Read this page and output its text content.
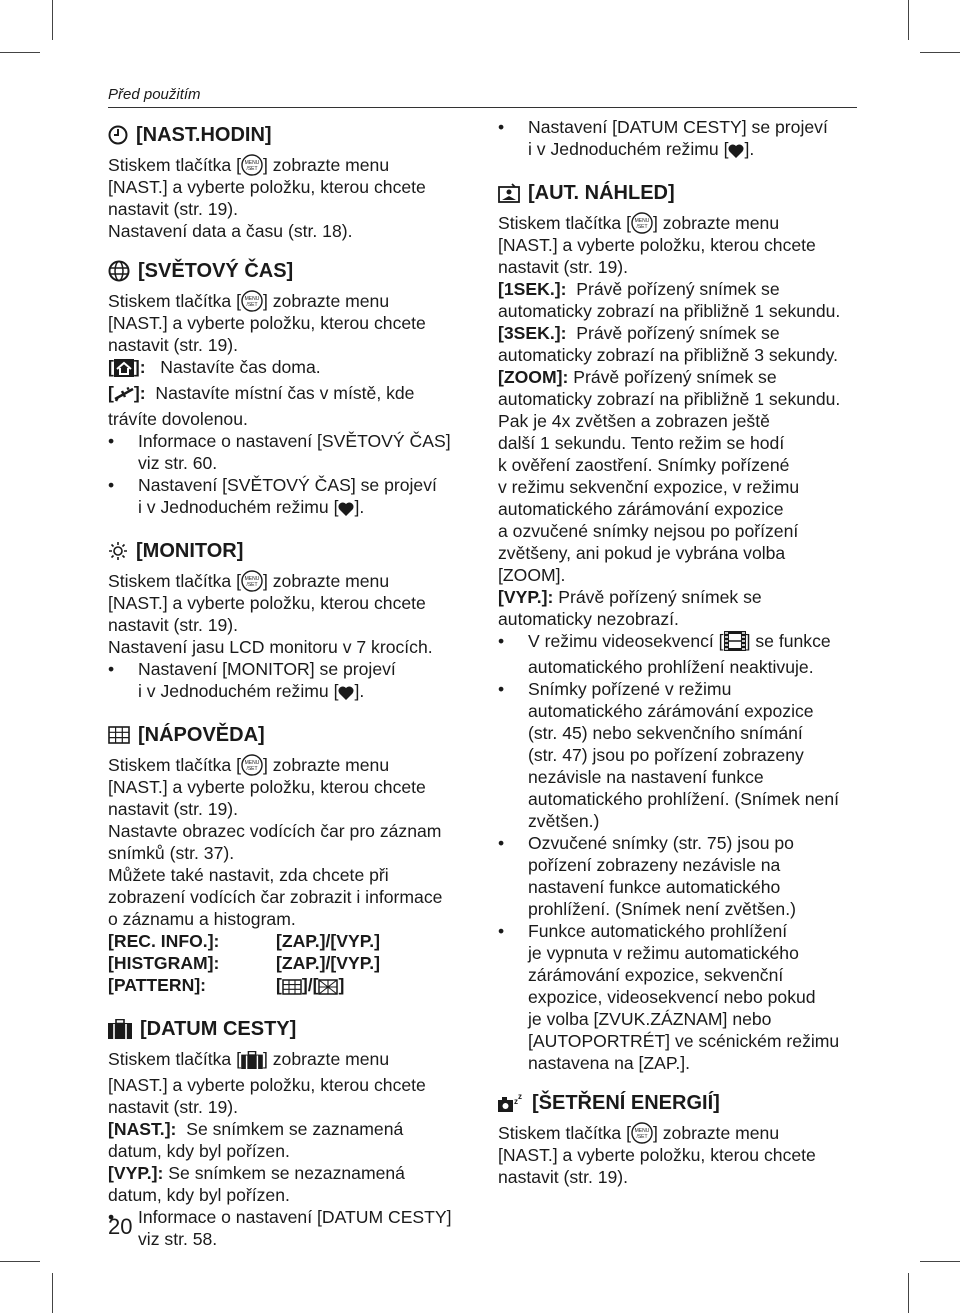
Před použitím
[NAST.HODIN]

Stiskem tlačítka [ MENU
/SET ] zobrazte menu

[NAST.] a vyberte položku, kterou chcete

nastavit (str. 19).

Nastavení data a času (str. 18).

[SVĚTOVÝ ČAS]

Stiskem tlačítka [ MENU
/SET ] zobrazte menu

[NAST.] a vyberte položku, kterou chcete

nastavit (str. 19).

[ ]: Nastavíte čas doma.

[ ]: Nastavíte místní čas v místě, kde

trávíte dovolenou.

• Informace o nastavení [SVĚTOVÝ ČAS]

viz str. 60.

• Nastavení [SVĚTOVÝ ČAS] se projeví

i v Jednoduchém režimu [ ].

[MONITOR]

Stiskem tlačítka [ MENU
/SET ] zobrazte menu

[NAST.] a vyberte položku, kterou chcete

nastavit (str. 19).

Nastavení jasu LCD monitoru v 7 krocích.

• Nastavení [MONITOR] se projeví

i v Jednoduchém režimu [ ].

[NÁPOVĚDA]

Stiskem tlačítka [ MENU
/SET ] zobrazte menu

[NAST.] a vyberte položku, kterou chcete

nastavit (str. 19).

Nastavte obrazec vodících čar pro záznam

snímků (str. 37).

Můžete také nastavit, zda chcete při

zobrazení vodících čar zobrazit i informace

o záznamu a histogram.

[REC. INFO.]:	[ZAP.]/[VYP.]
[HISTGRAM]:	[ZAP.]/[VYP.]
[PATTERN]:	[ ]/[ ]
[DATUM CESTY]

Stiskem tlačítka [ ] zobrazte menu

[NAST.] a vyberte položku, kterou chcete

nastavit (str. 19).

[NAST.]: Se snímkem se zaznamená

datum, kdy byl pořízen.

[VYP.]: Se snímkem se nezaznamená

datum, kdy byl pořízen.

• Informace o nastavení [DATUM CESTY]

viz str. 58.

• Nastavení [DATUM CESTY] se projeví

i v Jednoduchém režimu [ ].

[AUT. NÁHLED]

Stiskem tlačítka [ MENU
/SET ] zobrazte menu

[NAST.] a vyberte položku, kterou chcete

nastavit (str. 19).

[1SEK.]: Právě pořízený snímek se

automaticky zobrazí na přibližně 1 sekundu.

[3SEK.]: Právě pořízený snímek se

automaticky zobrazí na přibližně 3 sekundy.

[ZOOM]: Právě pořízený snímek se

automaticky zobrazí na přibližně 1 sekundu.

Pak je 4x zvětšen a zobrazen ještě

další 1 sekundu. Tento režim se hodí

k ověření zaostření. Snímky pořízené

v režimu sekvenční expozice, v režimu

automatického zárámování expozice

a ozvučené snímky nejsou po pořízení

zvětšeny, ani pokud je vybrána volba

[ZOOM].

[VYP.]: Právě pořízený snímek se

automaticky nezobrazí.

• V režimu videosekvencí [ ] se funkce

automatického prohlížení neaktivuje.

• Snímky pořízené v režimu

automatického zárámování expozice

(str. 45) nebo sekvenčního snímání

(str. 47) jsou po pořízení zobrazeny

nezávisle na nastavení funkce

automatického prohlížení. (Snímek není

zvětšen.)

• Ozvučené snímky (str. 75) jsou po

pořízení zobrazeny nezávisle na

nastavení funkce automatického

prohlížení. (Snímek není zvětšen.)

• Funkce automatického prohlížení

je vypnuta v režimu automatického

zárámování expozice, sekvenční

expozice, videosekvencí nebo pokud

je volba [ZVUK.ZÁZNAM] nebo

[AUTOPORTRÉT] ve scénickém režimu

nastavena na [ZAP.].

z
z [ŠETŘENÍ ENERGIÍ]

Stiskem tlačítka [ MENU
/SET ] zobrazte menu

[NAST.] a vyberte položku, kterou chcete

nastavit (str. 19).

20
